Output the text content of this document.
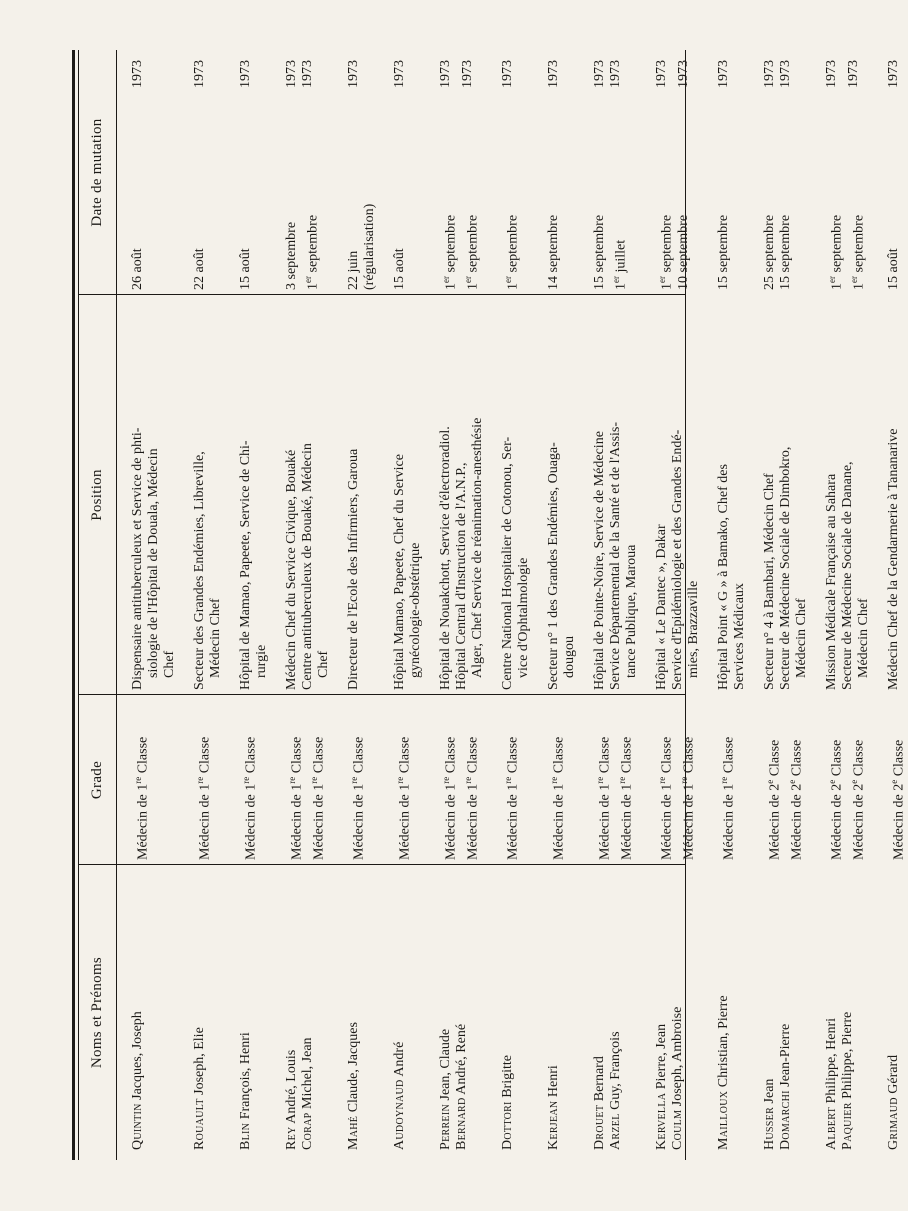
Noms et Prénoms
Grade
Position
Date de mutation
Quintin Jacques, Joseph
Médecin de 1re Classe
Dispensaire antituberculeux et Service de phti- siologie de l'Hôpital de Douala, Médecin Chef
26 août
1973
Rouault Joseph, Elie
Médecin de 1re Classe
Secteur des Grandes Endémies, Libreville, Médecin Chef
22 août
1973
Blin François, Henri
Médecin de 1re Classe
Hôpital de Mamao, Papeete, Service de Chi- rurgie
15 août
1973
Rey André, Louis
Corap Michel, Jean
Médecin de 1re Classe
Médecin de 1re Classe
Médecin Chef du Service Civique, Bouaké Centre antituberculeux de Bouaké, Médecin Chef
3 septembre
1973
1er septembre
1973
Mahé Claude, Jacques
Médecin de 1re Classe
Directeur de l'Ecole des Infirmiers, Garoua
22 juin
1973
(régularisation)
Audoynaud André
Médecin de 1re Classe
Hôpital Mamao, Papeete, Chef du Service gynécologie-obstétrique
15 août
1973
Perrein Jean, Claude
Bernard André, René
Médecin de 1re Classe
Médecin de 1re Classe
Hôpital de Nouakchott, Service d'électroradiol. Hôpital Central d'Instruction de l'A.N.P., Alger, Chef Service de réanimation-anesthésie
1er septembre
1973
1er septembre
1973
Dottori Brigitte
Médecin de 1re Classe
Centre National Hospitalier de Cotonou, Ser- vice d'Ophtalmologie
1er septembre
1973
Kerjean Henri
Médecin de 1re Classe
Secteur n° 1 des Grandes Endémies, Ouaga- dougou
14 septembre
1973
Drouet Bernard
Arzel Guy, François
Médecin de 1re Classe
Médecin de 1re Classe
Hôpital de Pointe-Noire, Service de Médecine Service Départemental de la Santé et de l'Assis- tance Publique, Maroua
15 septembre
1973
1er juillet
1973
Kervella Pierre, Jean
Coulm Joseph, Ambroise
Médecin de 1re Classe
Médecin de 1re Classe
Hôpital « Le Dantec », Dakar Service d'Epidémiologie et des Grandes Endé- mies, Brazzaville
1er septembre
1973
10 septembre
1973
Mailloux Christian, Pierre
Médecin de 1re Classe
Hôpital Point « G » à Bamako, Chef des Services Médicaux
15 septembre
1973
Husser Jean Domarchi Jean-Pierre
Médecin de 2e Classe
Médecin de 2e Classe
Secteur n° 4 à Bambari, Médecin Chef Secteur de Médecine Sociale de Dimbokro, Médecin Chef
25 septembre
1973
15 septembre
1973
Albert Philippe, Henri
Paquier Philippe, Pierre
Médecin de 2e Classe
Médecin de 2e Classe
Mission Médicale Française au Sahara Secteur de Médecine Sociale de Danane, Médecin Chef
1er septembre
1973
1er septembre
1973
Grimaud Gérard
Médecin de 2e Classe
Médecin Chef de la Gendarmerie à Tananarive
15 août
1973
